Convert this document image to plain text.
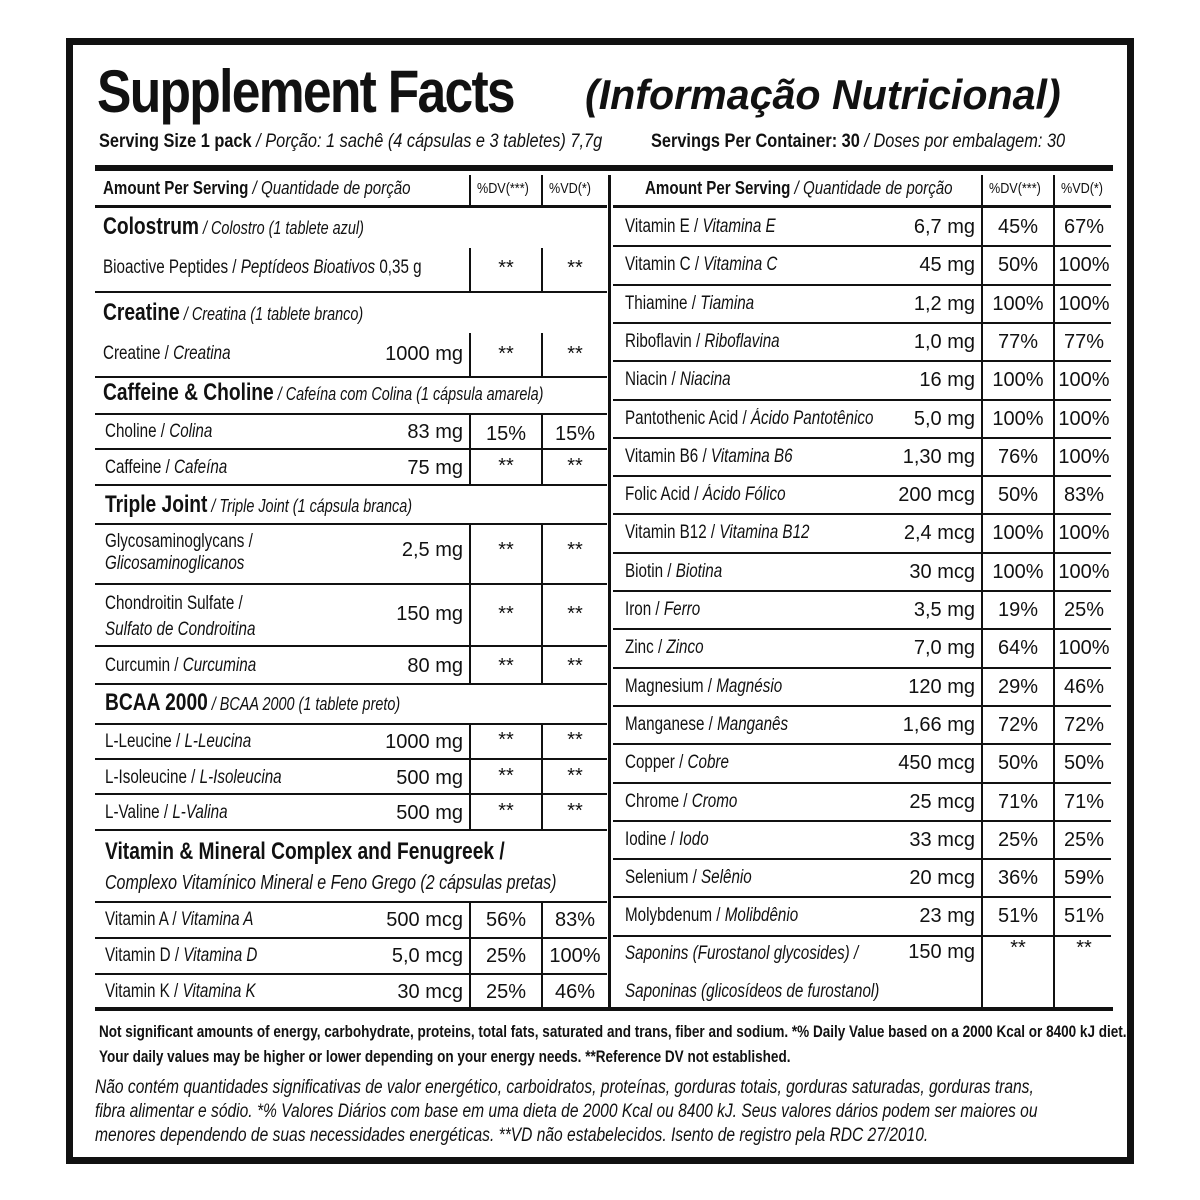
Supplement Facts (Informação Nutricional)
Serving Size 1 pack / Porção: 1 sachê (4 cápsulas e 3 tabletes) 7,7g	Servings Per Container: 30 / Doses por embalagem: 30
Amount Per Serving / Quantidade de porção	%DV(***) %VD(*)	Amount Per Serving / Quantidade de porção %DV(***) %VD(*)
Colostrum / Colostro (1 tablete azul)
Bioactive Peptides / Peptídeos Bioativos 0,35 g	**	**
Creatine / Creatina (1 tablete branco)
Creatine / Creatina	1000 mg	**	**
Caffeine & Choline / Cafeína com Colina (1 cápsula amarela)
Choline / Colina	83 mg	15%	15%
Caffeine / Cafeína	75 mg	**	**
Triple Joint / Triple Joint (1 cápsula branca)
Glycosaminoglycans /
Glicosaminoglicanos
2,5 mg	**	**
Chondroitin Sulfate /
Sulfato de Condroitina
150 mg	**	**
Curcumin / Curcumina	80 mg	**	**
BCAA 2000 / BCAA 2000 (1 tablete preto)
L-Leucine / L-Leucina	1000 mg	**	**
L-Isoleucine / L-Isoleucina	500 mg	**	**
L-Valine / L-Valina	500 mg	**	**
Vitamin & Mineral Complex and Fenugreek /
Complexo Vitamínico Mineral e Feno Grego (2 cápsulas pretas)
Vitamin A / Vitamina A	500 mcg	56%	83%
Vitamin D / Vitamina D	5,0 mcg	25%	100%
Vitamin K / Vitamina K	30 mcg	25%	46%
Vitamin E / Vitamina E	6,7 mg	45%	67%
Vitamin C / Vitamina C	45 mg	50%	100%
Thiamine / Tiamina	1,2 mg 100% 100%
Riboflavin / Riboflavina	1,0 mg	77%	77%
Niacin / Niacina	16 mg 100% 100%
Pantothenic Acid / Ácido Pantotênico	5,0 mg 100% 100%
Vitamin B6 / Vitamina B6	1,30 mg	76%	100%
Folic Acid / Ácido Fólico	200 mcg	50%	83%
Vitamin B12 / Vitamina B12	2,4 mcg 100% 100%
Biotin / Biotina	30 mcg 100% 100%
Iron / Ferro	3,5 mg	19%	25%
Zinc / Zinco	7,0 mg	64%	100%
Magnesium / Magnésio	120 mg	29%	46%
Manganese / Manganês	1,66 mg	72%	72%
Copper / Cobre	450 mcg	50%	50%
Chrome / Cromo	25 mcg	71%	71%
Iodine / Iodo	33 mcg	25%	25%
Selenium / Selênio	20 mcg	36%	59%
Molybdenum / Molibdênio	23 mg	51%	51%
Saponins (Furostanol glycosides) /
Saponinas (glicosídeos de furostanol)
150 mg	**	**
Not significant amounts of energy, carbohydrate, proteins, total fats, saturated and trans, fiber and sodium. *% Daily Value based on a 2000 Kcal or 8400 kJ diet.
Your daily values may be higher or lower depending on your energy needs. **Reference DV not established.
Não contém quantidades significativas de valor energético, carboidratos, proteínas, gorduras totais, gorduras saturadas, gorduras trans,
fibra alimentar e sódio. *% Valores Diários com base em uma dieta de 2000 Kcal ou 8400 kJ. Seus valores dários podem ser maiores ou
menores dependendo de suas necessidades energéticas. **VD não estabelecidos. Isento de registro pela RDC 27/2010.
